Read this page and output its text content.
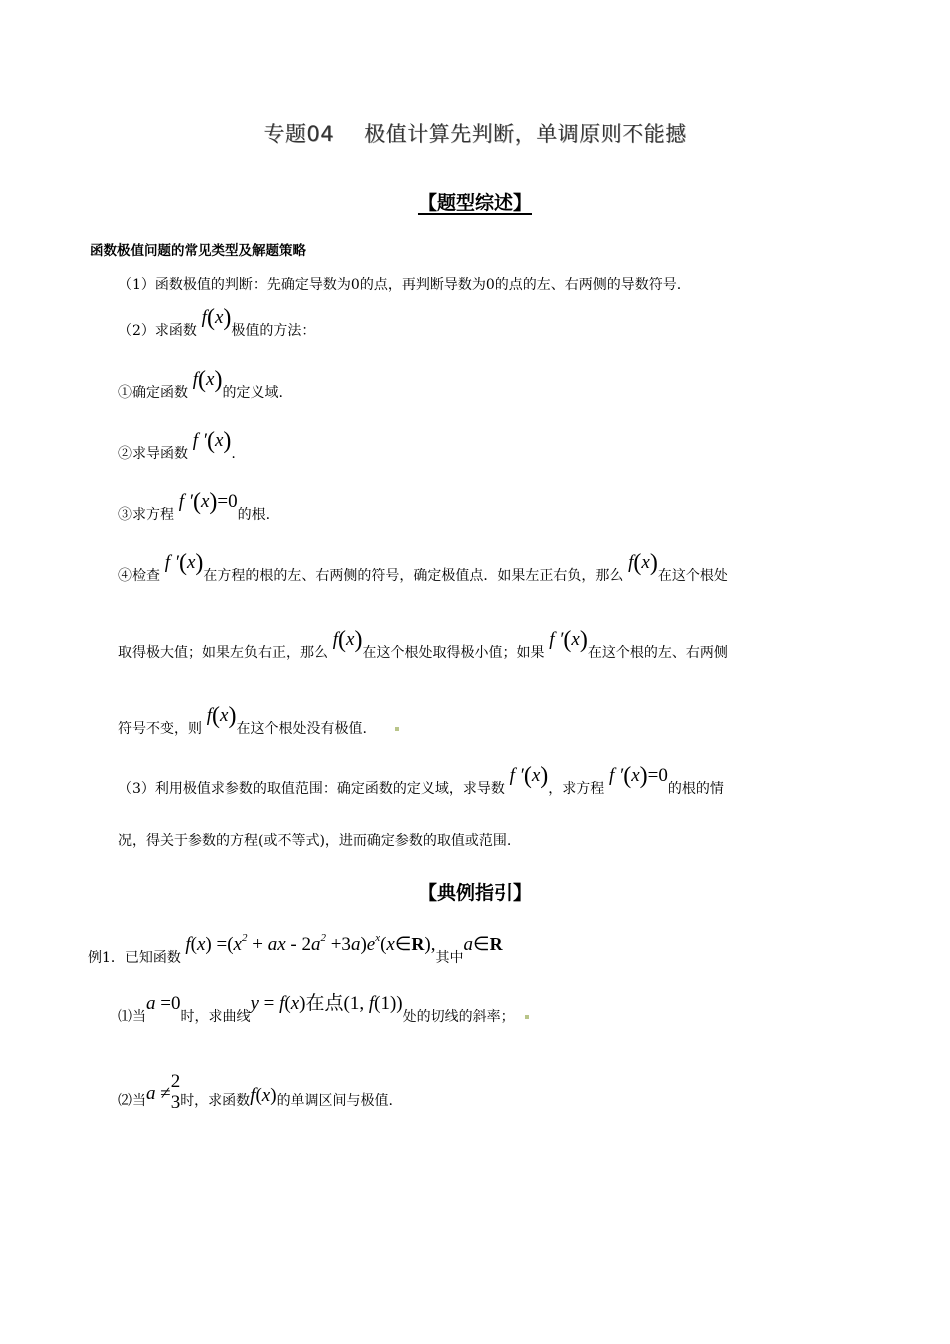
专题04 极值计算先判断，单调原则不能撼
【题型综述】
函数极值问题的常见类型及解题策略
（1）函数极值的判断：先确定导数为0的点，再判断导数为0的点的左、右两侧的导数符号.
（2）求函数 f(x)极值的方法：
①确定函数 f(x)的定义域.
②求导函数 f ′(x).
③求方程 f ′(x)=0的根.
④检查 f ′(x)在方程的根的左、右两侧的符号，确定极值点．如果左正右负，那么 f(x)在这个根处
取得极大值；如果左负右正，那么 f(x)在这个根处取得极小值；如果 f ′(x)在这个根的左、右两侧
符号不变，则 f(x)在这个根处没有极值.
（3）利用极值求参数的取值范围：确定函数的定义域，求导数 f ′(x)，求方程 f ′(x)=0的根的情
况，得关于参数的方程(或不等式)，进而确定参数的取值或范围.
【典例指引】
例1．已知函数 $f(x) =(x^2$ + ax - $2a^2$ $+3a)e^x(x\in R)$,其中a∈R
⑴当a =0时，求曲线y = f(x)在点(1, f(1))处的切线的斜率；
⑵当a ≠
2
3 时，求函数f(x)的单调区间与极值.
